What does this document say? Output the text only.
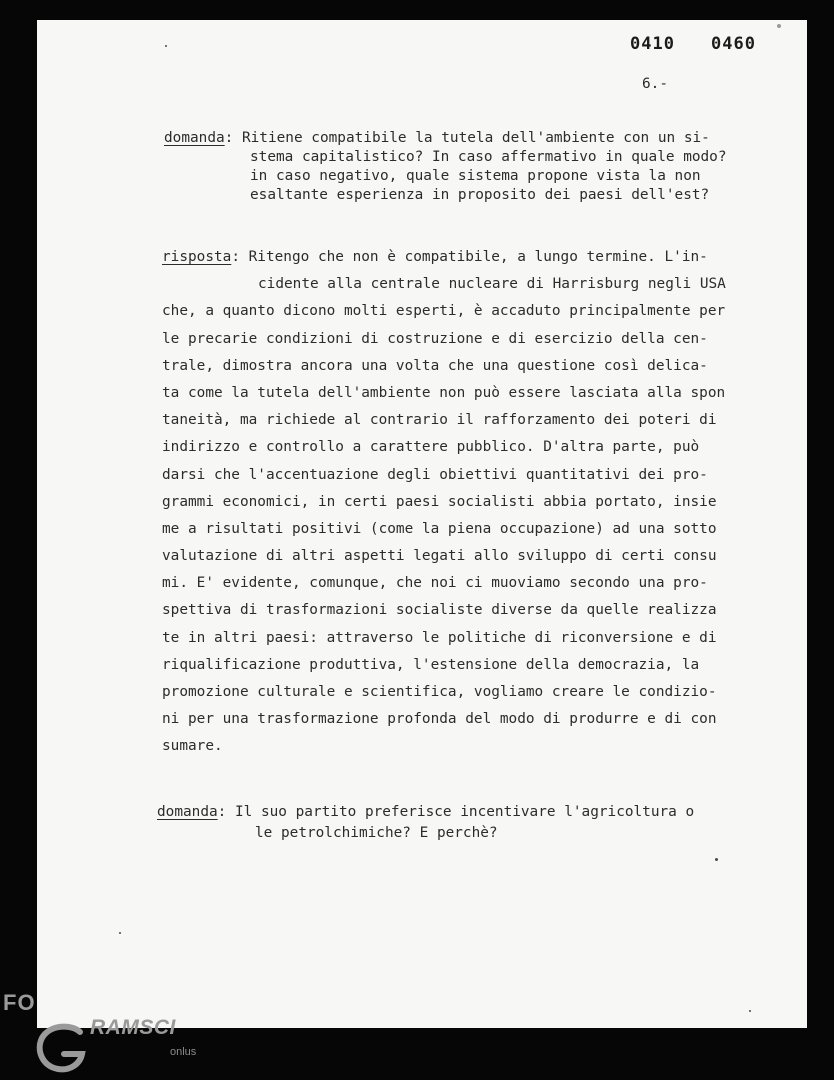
0410 0460
6.-
domanda: Ritiene compatibile la tutela dell'ambiente con un si-
stema capitalistico? In caso affermativo in quale modo?
in caso negativo, quale sistema propone vista la non
esaltante esperienza in proposito dei paesi dell'est?
risposta: Ritengo che non è compatibile, a lungo termine. L'in-
cidente alla centrale nucleare di Harrisburg negli USA
che, a quanto dicono molti esperti, è accaduto principalmente per
le precarie condizioni di costruzione e di esercizio della cen-
trale, dimostra ancora una volta che una questione così delica-
ta come la tutela dell'ambiente non può essere lasciata alla spon
taneità, ma richiede al contrario il rafforzamento dei poteri di
indirizzo e controllo a carattere pubblico. D'altra parte, può
darsi che l'accentuazione degli obiettivi quantitativi dei pro-
grammi economici, in certi paesi socialisti abbia portato, insie
me a risultati positivi (come la piena occupazione) ad una sotto
valutazione di altri aspetti legati allo sviluppo di certi consu
mi. E' evidente, comunque, che noi ci muoviamo secondo una pro-
spettiva di trasformazioni socialiste diverse da quelle realizza
te in altri paesi: attraverso le politiche di riconversione e di
riqualificazione produttiva, l'estensione della democrazia, la
promozione culturale e scientifica, vogliamo creare le condizio-
ni per una trasformazione profonda del modo di produrre e di con
sumare.
domanda: Il suo partito preferisce incentivare l'agricoltura o
le petrolchimiche? E perchè?
FO
RAMSCI
onlus
